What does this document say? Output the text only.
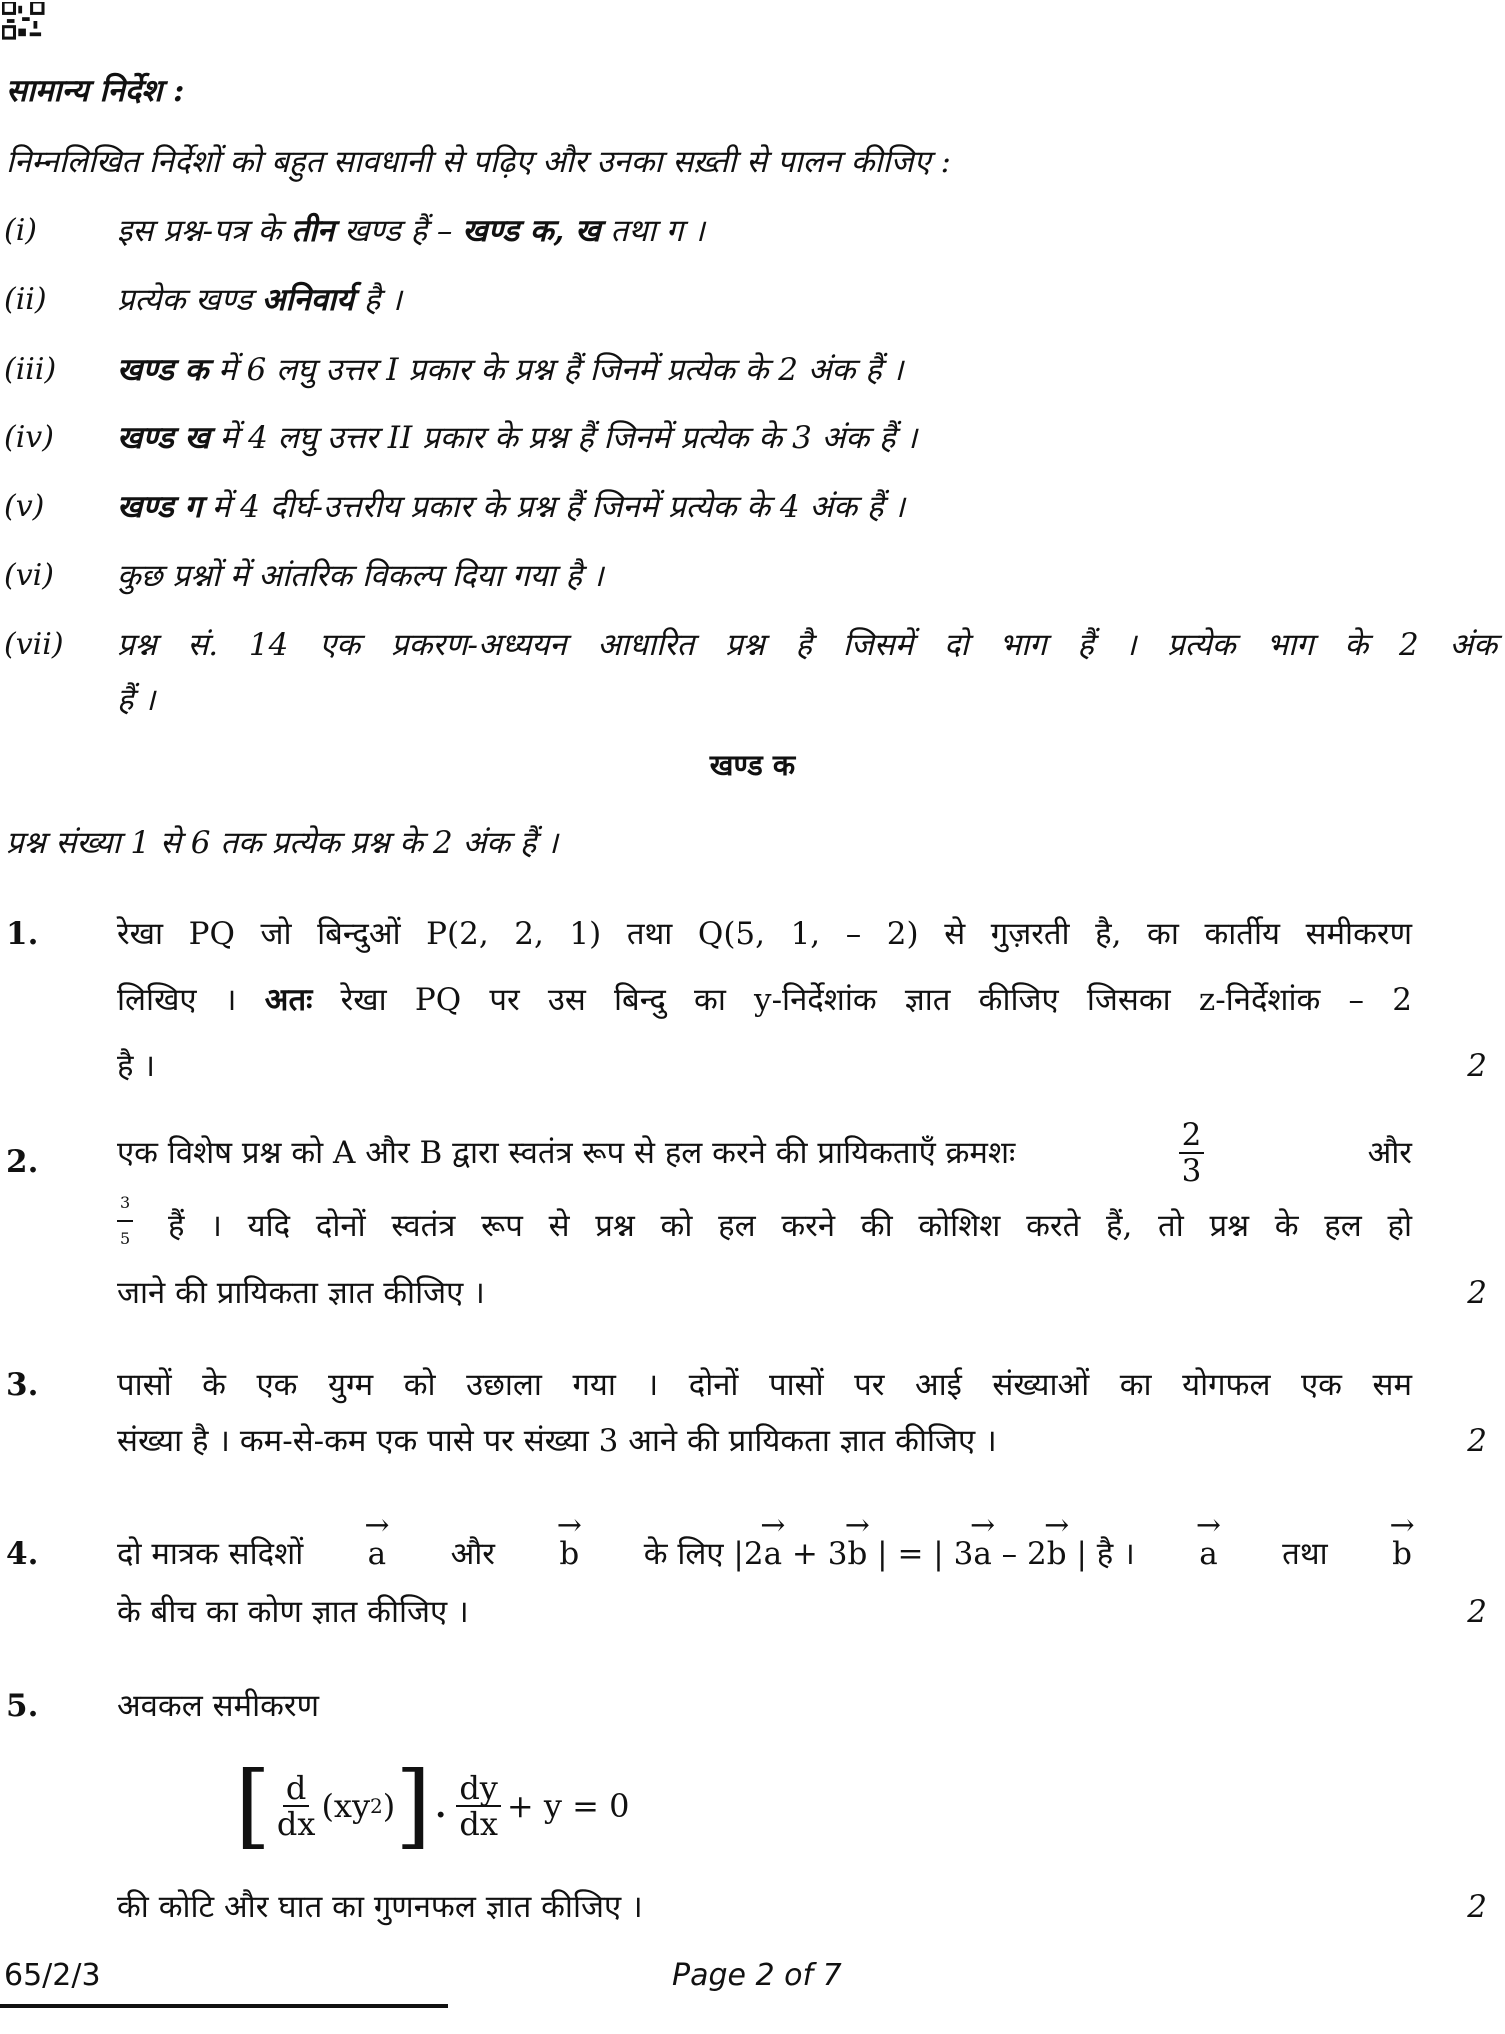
सामान्य निर्देश :
निम्नलिखित निर्देशों को बहुत सावधानी से पढ़िए और उनका सख़्ती से पालन कीजिए :
(i)	इस प्रश्न-पत्र के तीन खण्ड हैं – खण्ड क, ख तथा ग ।
(ii) प्रत्येक खण्ड अनिवार्य है ।
(iii) खण्ड क में 6 लघु उत्तर I प्रकार के प्रश्न हैं जिनमें प्रत्येक के 2 अंक हैं ।
(iv) खण्ड ख में 4 लघु उत्तर II प्रकार के प्रश्न हैं जिनमें प्रत्येक के 3 अंक हैं ।
(v) खण्ड ग में 4 दीर्घ-उत्तरीय प्रकार के प्रश्न हैं जिनमें प्रत्येक के 4 अंक हैं ।
(vi) कुछ प्रश्नों में आंतरिक विकल्प दिया गया है ।
(vii) प्रश्न सं. 14 एक प्रकरण-अध्ययन आधारित प्रश्न है जिसमें दो भाग हैं । प्रत्येक भाग के 2 अंक
हैं ।
खण्ड क
प्रश्न संख्या 1 से 6 तक प्रत्येक प्रश्न के 2 अंक हैं ।
1.	रेखा PQ जो बिन्दुओं P(2, 2, 1) तथा Q(5, 1, – 2) से गुज़रती है, का कार्तीय समीकरण
लिखिए । अतः रेखा PQ पर उस बिन्दु का y-निर्देशांक ज्ञात कीजिए जिसका z-निर्देशांक – 2
है ।	2
2.	एक विशेष प्रश्न को A और B द्वारा स्वतंत्र रूप से हल करने की प्रायिकताएँ क्रमशः	$\frac{2}{3}$	और
$\frac{3}{5}$ हैं । यदि दोनों स्वतंत्र रूप से प्रश्न को हल करने की कोशिश करते हैं, तो प्रश्न के हल हो
जाने की प्रायिकता ज्ञात कीजिए ।	2
3.	पासों के एक युग्म को उछाला गया । दोनों पासों पर आई संख्याओं का योगफल एक सम
संख्या है । कम-से-कम एक पासे पर संख्या 3 आने की प्रायिकता ज्ञात कीजिए ।	2
4.	दो मात्रक सदिशों → a और → b के लिए |2→ a + 3→ b | = | 3→ a – 2→ b | है । → a तथा → b
के बीच का कोण ज्ञात कीजिए ।	2
5.	अवकल समीकरण
[ $\frac{d}{dx} (xy$ 2 ) ] . $\frac{dy}{dx} + y = 0$
की कोटि और घात का गुणनफल ज्ञात कीजिए ।	2
65/2/3	Page 2 of 7
